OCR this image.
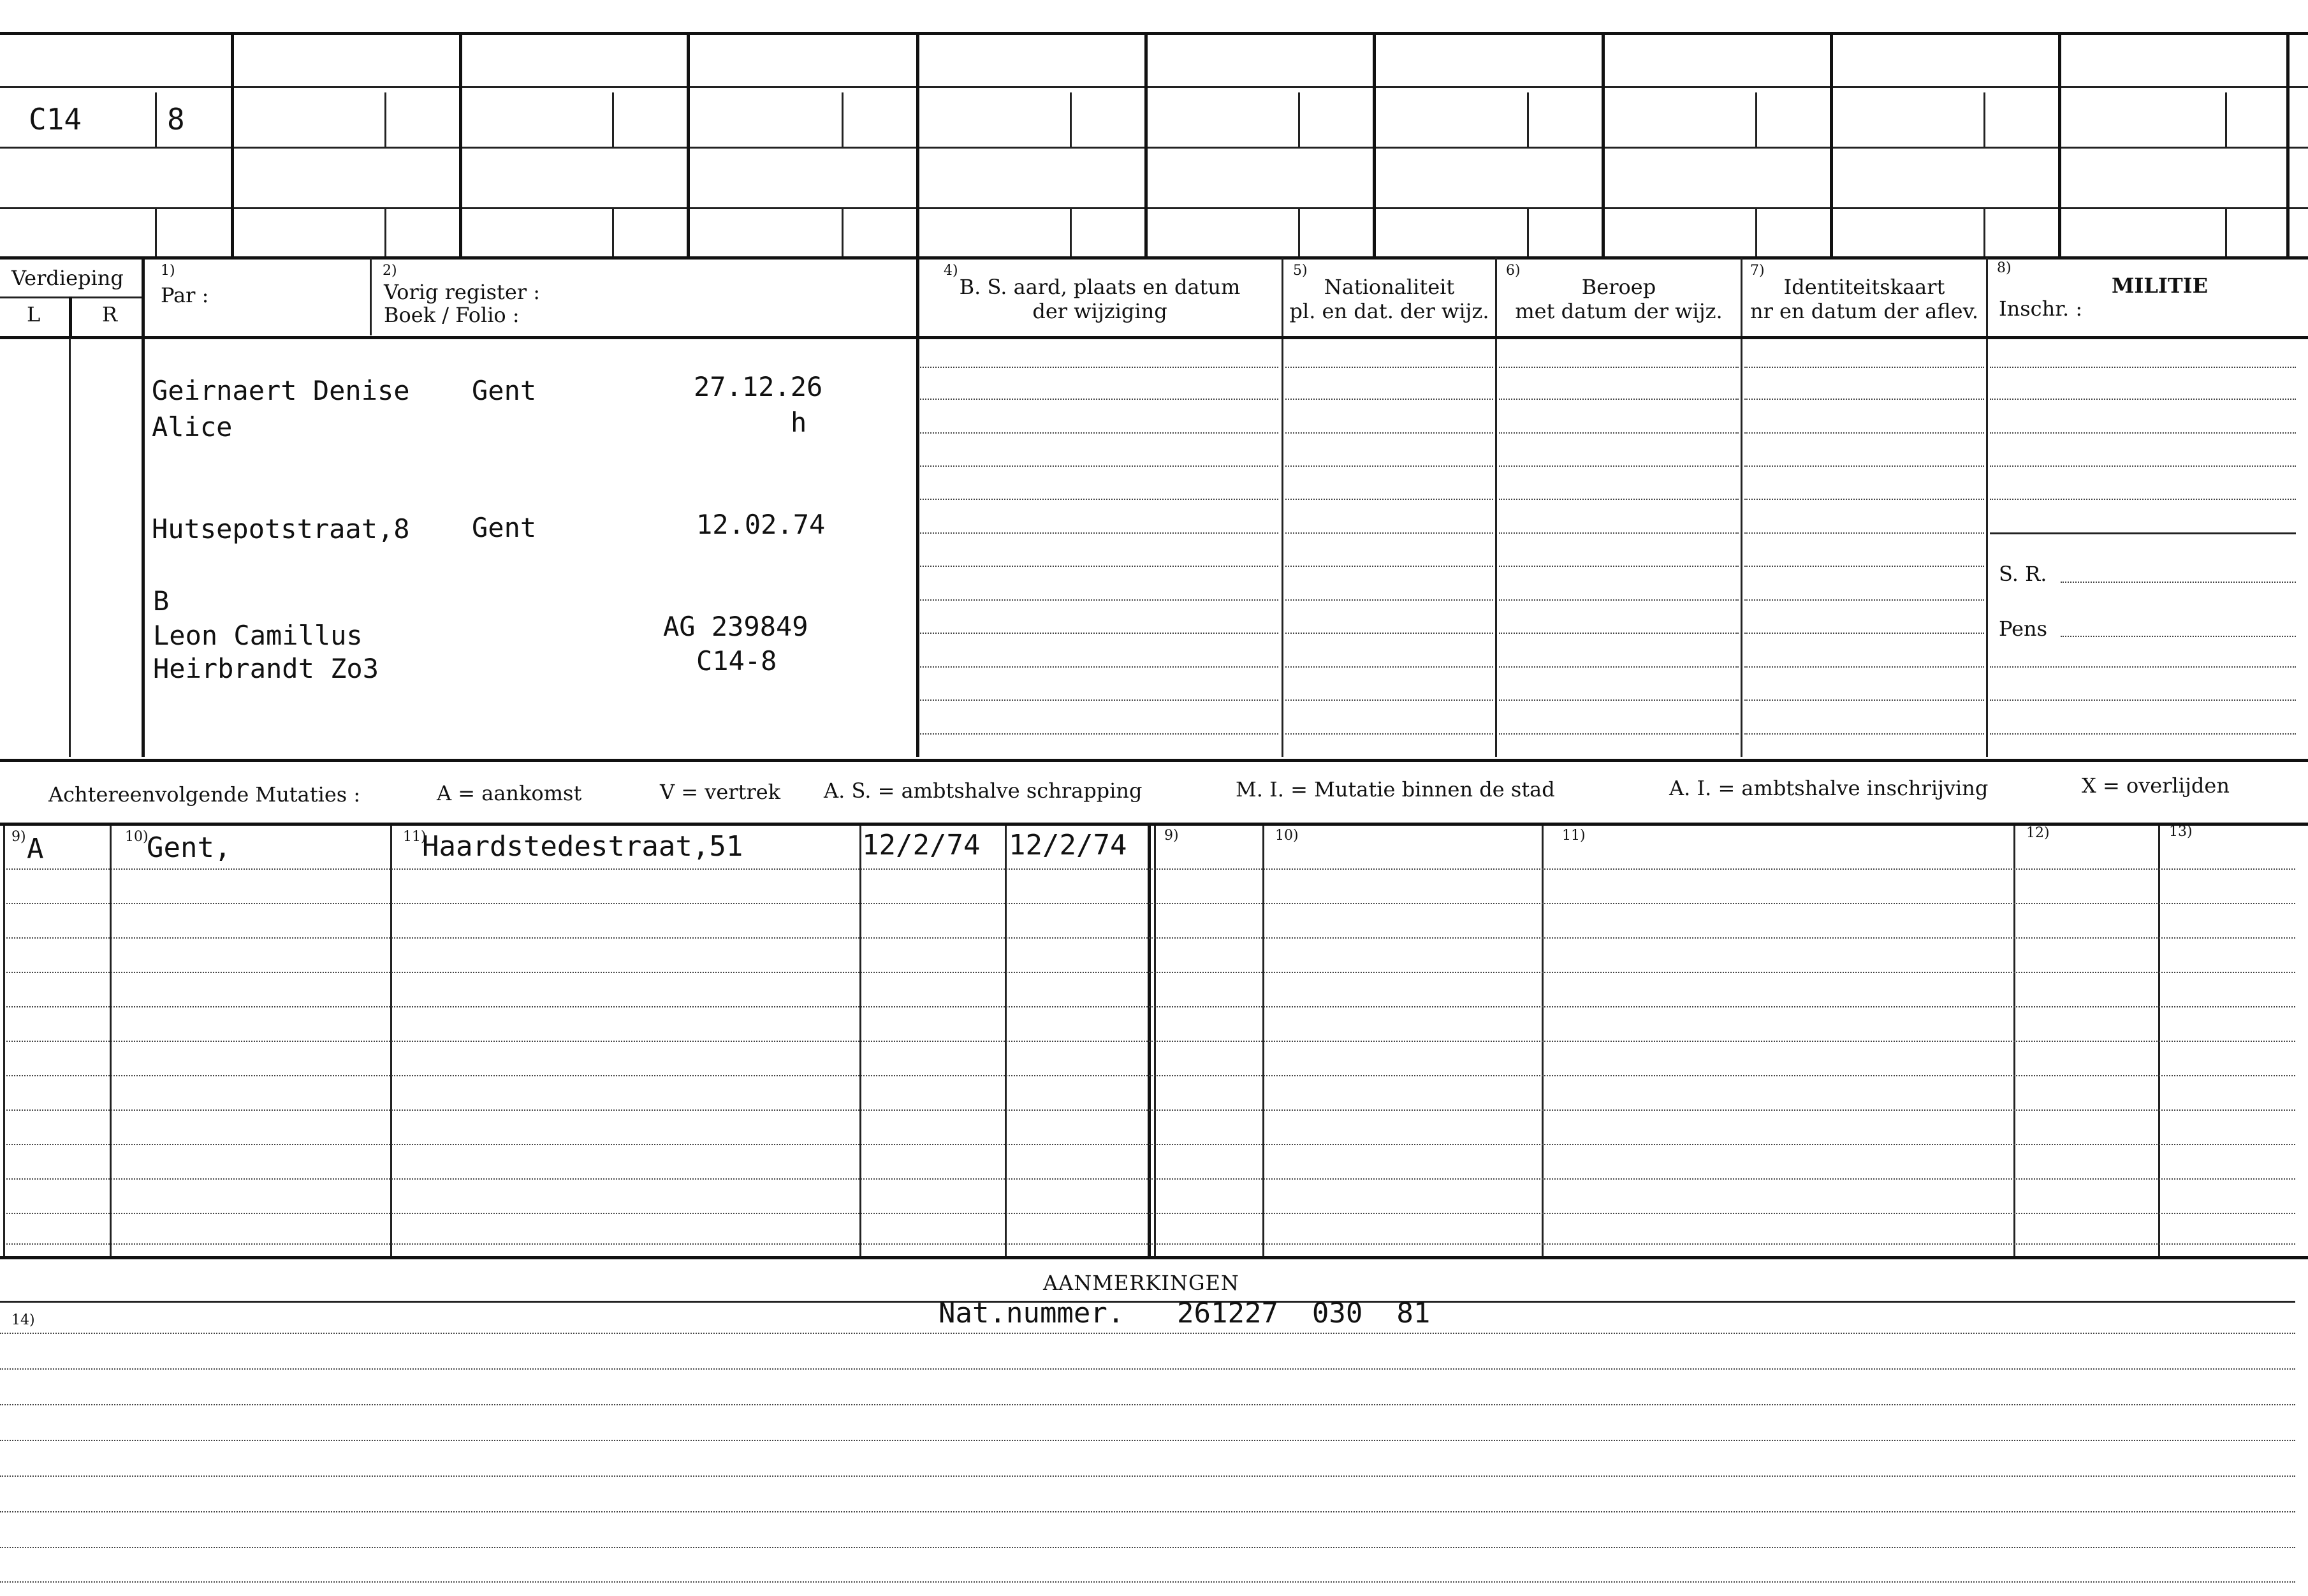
C14	8
Verdieping
L	R
1)
Par :
2)
Vorig register :
Boek / Folio :
4)
B. S. aard, plaats en datum
der wijziging
5)
Nationaliteit
pl. en dat. der wijz.
6)
Beroep
met datum der wijz.
7)
Identiteitskaart
nr en datum der aflev.
8)
MILITIE
Inschr. :
S. R.
Pens
Geirnaert Denise
Alice
Gent	27.12.26
h
Hutsepotstraat,8 Gent	12.02.74
B
Leon Camillus
Heirbrandt Zo3
AG 239849
C14-8
Achtereenvolgende Mutaties :	A = aankomst	V = vertrek A. S. = ambtshalve schrapping	M. I. = Mutatie binnen de stad	A. I. = ambtshalve inschrijving	X = overlijden
9)	10)	11)	9)	10)	11)	12)	13)
A	Gent,	Haardstedestraat,51	12/2/74 12/2/74
AANMERKINGEN
14)	Nat.nummer. 261227  030  81
